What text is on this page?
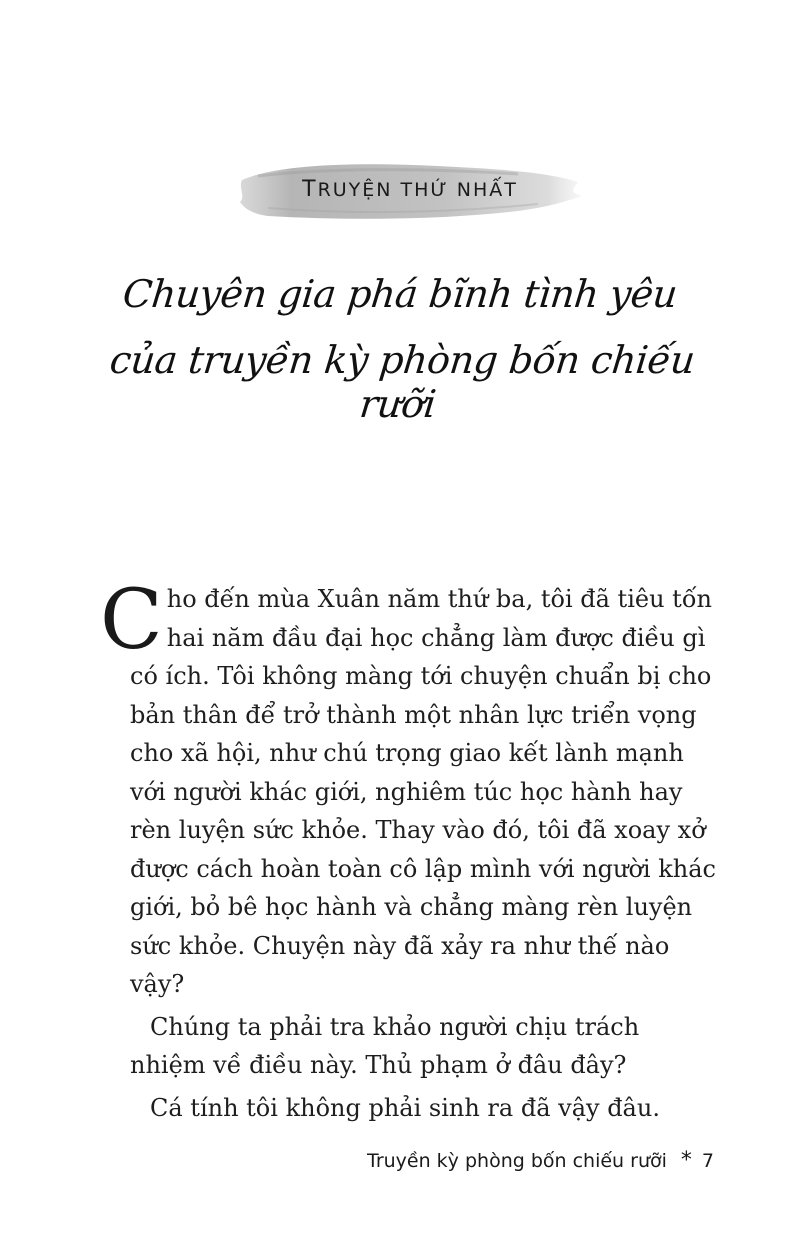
TRUYỆN THỨ NHẤT
Chuyên gia phá bĩnh tình yêu
của truyền kỳ phòng bốn chiếu rưỡi

Cho đến mùa Xuân năm thứ ba, tôi đã tiêu tốn hai năm đầu đại học chẳng làm được điều gì có ích. Tôi không màng tới chuyện chuẩn bị cho bản thân để trở thành một nhân lực triển vọng cho xã hội, như chú trọng giao kết lành mạnh với người khác giới, nghiêm túc học hành hay rèn luyện sức khỏe. Thay vào đó, tôi đã xoay xở được cách hoàn toàn cô lập mình với người khác giới, bỏ bê học hành và chẳng màng rèn luyện sức khỏe. Chuyện này đã xảy ra như thế nào vậy?

Chúng ta phải tra khảo người chịu trách nhiệm về điều này. Thủ phạm ở đâu đây?

Cá tính tôi không phải sinh ra đã vậy đâu.

Truyền kỳ phòng bốn chiếu rưỡi * 7
